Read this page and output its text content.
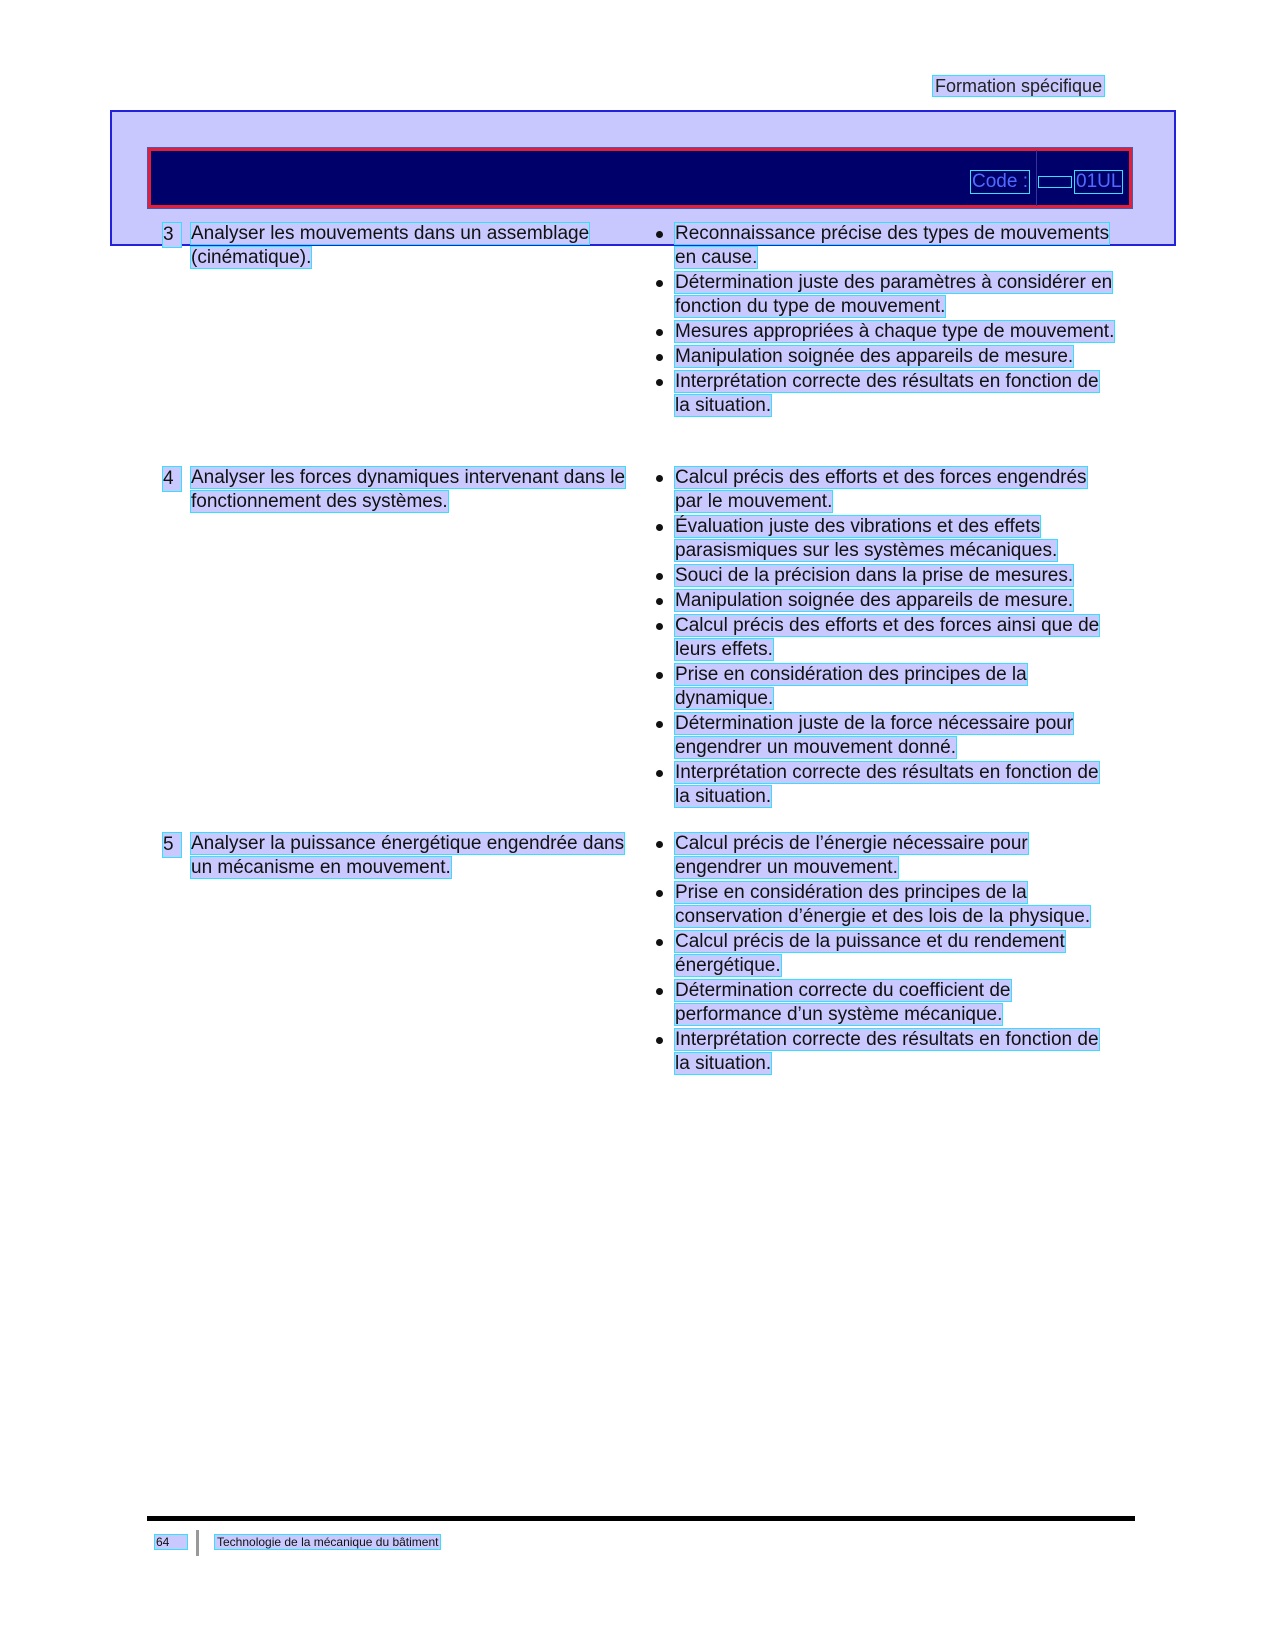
Formation spécifique
Code :	01UL
3 Analyser les mouvements dans un assemblage (cinématique).
Reconnaissance précise des types de mouvements en cause.
Détermination juste des paramètres à considérer en fonction du type de mouvement.
Mesures appropriées à chaque type de mouvement.
Manipulation soignée des appareils de mesure.
Interprétation correcte des résultats en fonction de la situation.
4 Analyser les forces dynamiques intervenant dans le fonctionnement des systèmes.
Calcul précis des efforts et des forces engendrés par le mouvement.
Évaluation juste des vibrations et des effets parasismiques sur les systèmes mécaniques.
Souci de la précision dans la prise de mesures.
Manipulation soignée des appareils de mesure.
Calcul précis des efforts et des forces ainsi que de leurs effets.
Prise en considération des principes de la dynamique.
Détermination juste de la force nécessaire pour engendrer un mouvement donné.
Interprétation correcte des résultats en fonction de la situation.
5 Analyser la puissance énergétique engendrée dans un mécanisme en mouvement.
Calcul précis de l’énergie nécessaire pour engendrer un mouvement.
Prise en considération des principes de la conservation d’énergie et des lois de la physique.
Calcul précis de la puissance et du rendement énergétique.
Détermination correcte du coefficient de performance d’un système mécanique.
Interprétation correcte des résultats en fonction de la situation.
64	Technologie de la mécanique du bâtiment
